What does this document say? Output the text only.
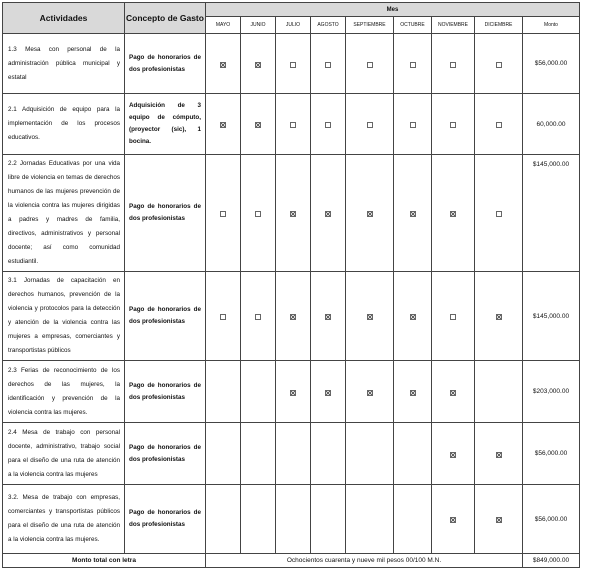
Actividades	Concepto de Gasto	Mes								
		MAYO	JUNIO	JULIO	AGOSTO	SEPTIEMBRE	OCTUBRE	NOVIEMBRE	DICIEMBRE	Monto
1.3 Mesa con personal de la administración pública municipal y estatal	Pago de honorarios de dos profesionistas									$56,000.00
2.1 Adquisición de equipo para la implementación de los procesos educativos.	Adquisición de 3 equipo de cómputo, (proyector (sic), 1 bocina.									60,000.00
2.2 Jornadas Educativas por una vida libre de violencia en temas de derechos humanos de las mujeres prevención de la violencia contra las mujeres dirigidas a padres y madres de familia, directivos, administrativos y personal docente; así como comunidad estudiantil.	Pago de honorarios de dos profesionistas									$145,000.00
3.1 Jornadas de capacitación en derechos humanos, prevención de la violencia y protocolos para la detección y atención de la violencia contra las mujeres a empresas, comerciantes y transportistas públicos	Pago de honorarios de dos profesionistas									$145,000.00
2.3 Ferias de reconocimiento de los derechos de las mujeres, la identificación y prevención de la violencia contra las mujeres.	Pago de honorarios de dos profesionistas									$203,000.00
2.4 Mesa de trabajo con personal docente, administrativo, trabajo social para el diseño de una ruta de atención a la violencia contra las mujeres	Pago de honorarios de dos profesionistas									$56,000.00
3.2. Mesa de trabajo con empresas, comerciantes y transportistas públicos para el diseño de una ruta de atención a la violencia contra las mujeres.	Pago de honorarios de dos profesionistas									$56,000.00
Monto total con letra		Ochocientos cuarenta y nueve mil pesos 00/100 M.N.								$849,000.00
